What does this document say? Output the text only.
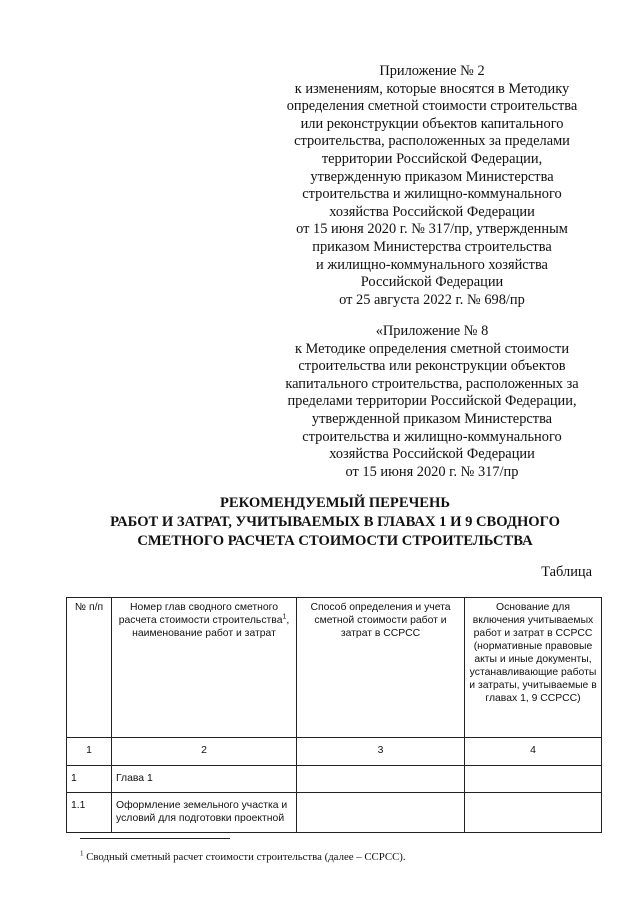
Приложение № 2
к изменениям, которые вносятся в Методику
определения сметной стоимости строительства
или реконструкции объектов капитального
строительства, расположенных за пределами
территории Российской Федерации,
утвержденную приказом Министерства
строительства и жилищно-коммунального
хозяйства Российской Федерации
от 15 июня 2020 г. № 317/пр, утвержденным
приказом Министерства строительства
и жилищно-коммунального хозяйства
Российской Федерации
от 25 августа 2022 г. № 698/пр
«Приложение № 8
к Методике определения сметной стоимости
строительства или реконструкции объектов
капитального строительства, расположенных за
пределами территории Российской Федерации,
утвержденной приказом Министерства
строительства и жилищно-коммунального
хозяйства Российской Федерации
от 15 июня 2020 г. № 317/пр
РЕКОМЕНДУЕМЫЙ ПЕРЕЧЕНЬ
РАБОТ И ЗАТРАТ, УЧИТЫВАЕМЫХ В ГЛАВАХ 1 И 9 СВОДНОГО
СМЕТНОГО РАСЧЕТА СТОИМОСТИ СТРОИТЕЛЬСТВА
Таблица
№ п/п	Номер глав сводного сметного расчета стоимости строительства$^1$, наименование работ и затрат	Способ определения и учета сметной стоимости работ и затрат в ССРСС	Основание для включения учитываемых работ и затрат в ССРСС (нормативные правовые акты и иные документы, устанавливающие работы и затраты, учитываемые в главах 1, 9 ССРСС)
1	2	3	4
1	Глава 1		
1.1	Оформление земельного участка и условий для подготовки проектной		
$^1$ Сводный сметный расчет стоимости строительства (далее – ССРСС).
